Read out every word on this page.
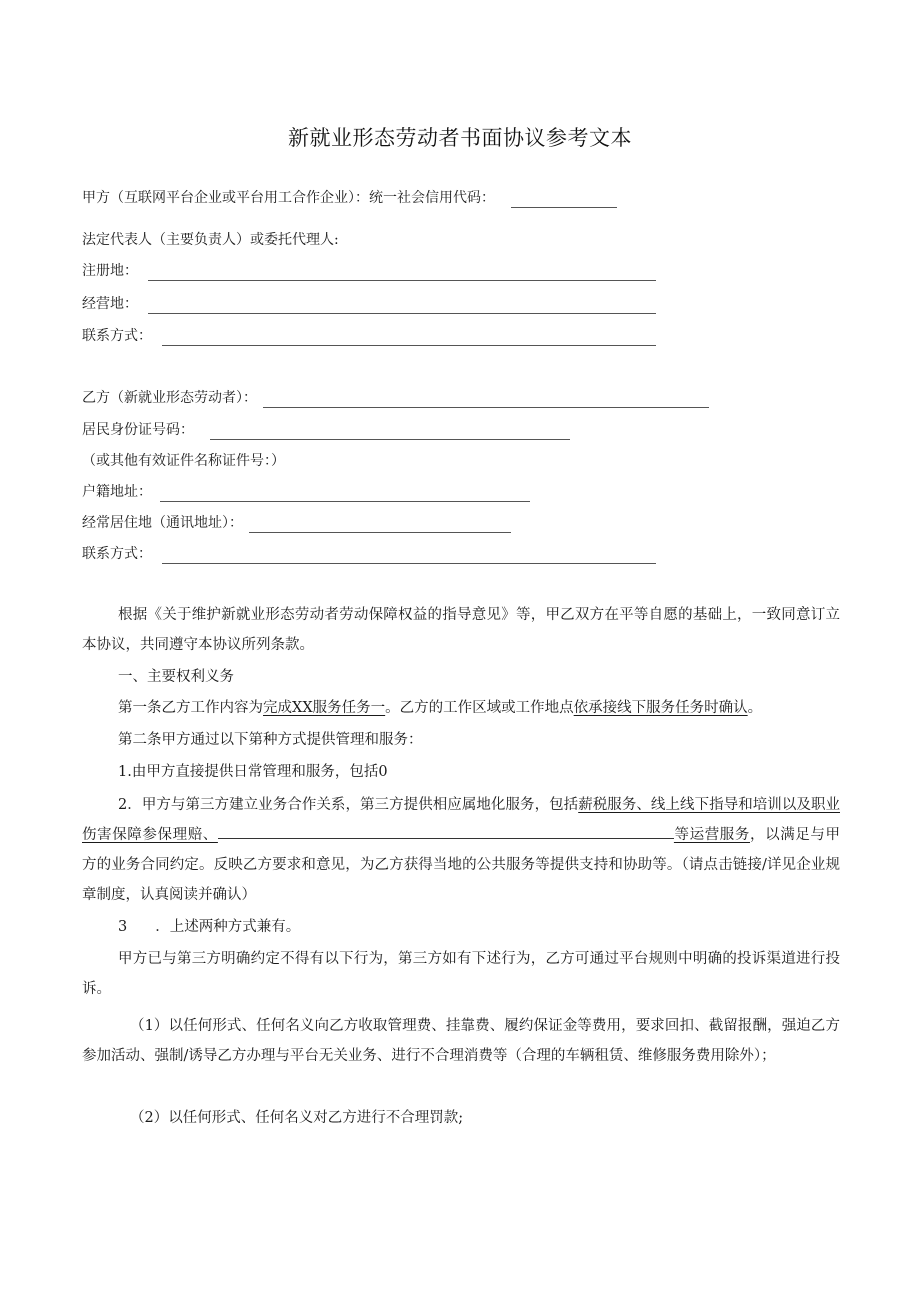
新就业形态劳动者书面协议参考文本
甲方（互联网平台企业或平台用工合作企业）：统一社会信用代码：
法定代表人（主要负责人）或委托代理人:
注册地：
经营地：
联系方式：
乙方（新就业形态劳动者）：
居民身份证号码：
（或其他有效证件名称证件号：）
户籍地址：
经常居住地（通讯地址）：
联系方式：
根据《关于维护新就业形态劳动者劳动保障权益的指导意见》等，甲乙双方在平等自愿的基础上，一致同意订立本协议，共同遵守本协议所列条款。
一、主要权利义务
第一条乙方工作内容为完成XX服务任务一。乙方的工作区域或工作地点依承接线下服务任务时确认。
第二条甲方通过以下第种方式提供管理和服务：
1.由甲方直接提供日常管理和服务，包括0
2．甲方与第三方建立业务合作关系，第三方提供相应属地化服务，包括薪税服务、线上线下指导和培训以及职业伤害保障参保理赔、	等运营服务，以满足与甲方的业务合同约定。反映乙方要求和意见，为乙方获得当地的公共服务等提供支持和协助等。（请点击链接/详见企业规章制度，认真阅读并确认）
3 ．上述两种方式兼有。
甲方已与第三方明确约定不得有以下行为，第三方如有下述行为，乙方可通过平台规则中明确的投诉渠道进行投诉。
（1）以任何形式、任何名义向乙方收取管理费、挂靠费、履约保证金等费用，要求回扣、截留报酬，强迫乙方参加活动、强制/诱导乙方办理与平台无关业务、进行不合理消费等（合理的车辆租赁、维修服务费用除外）；
（2）以任何形式、任何名义对乙方进行不合理罚款;
